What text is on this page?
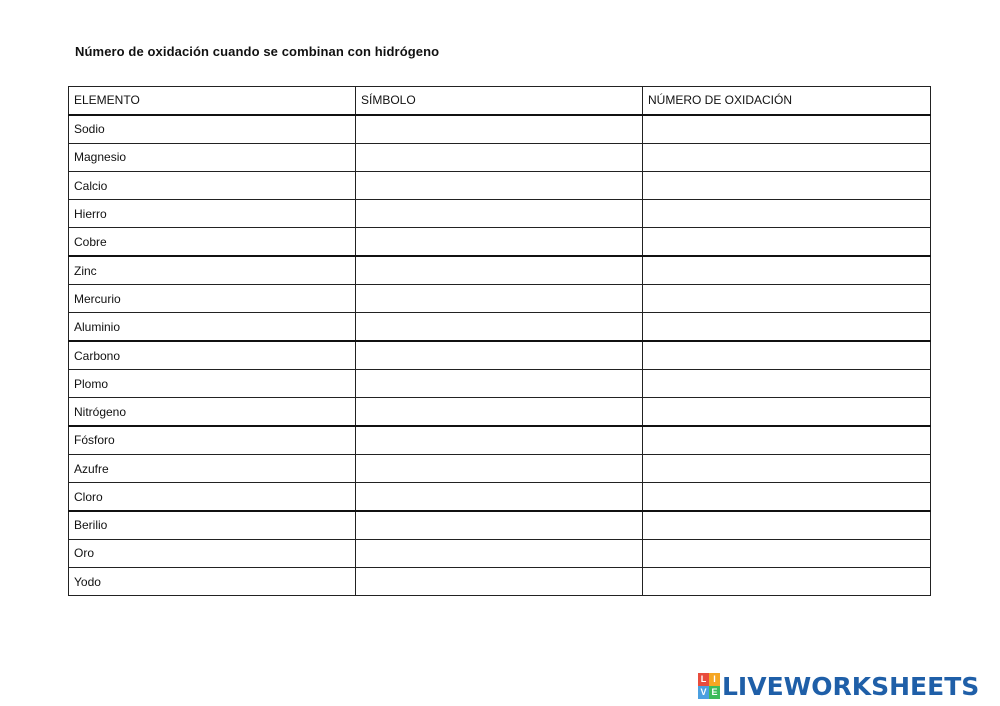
Número de oxidación cuando se combinan con hidrógeno
ELEMENTO	SÍMBOLO	NÚMERO DE OXIDACIÓN
Sodio		
Magnesio		
Calcio		
Hierro		
Cobre		
Zinc		
Mercurio		
Aluminio		
Carbono		
Plomo		
Nitrógeno		
Fósforo		
Azufre		
Cloro		
Berilio		
Oro		
Yodo		
L I
V E LIVEWORKSHEETS
